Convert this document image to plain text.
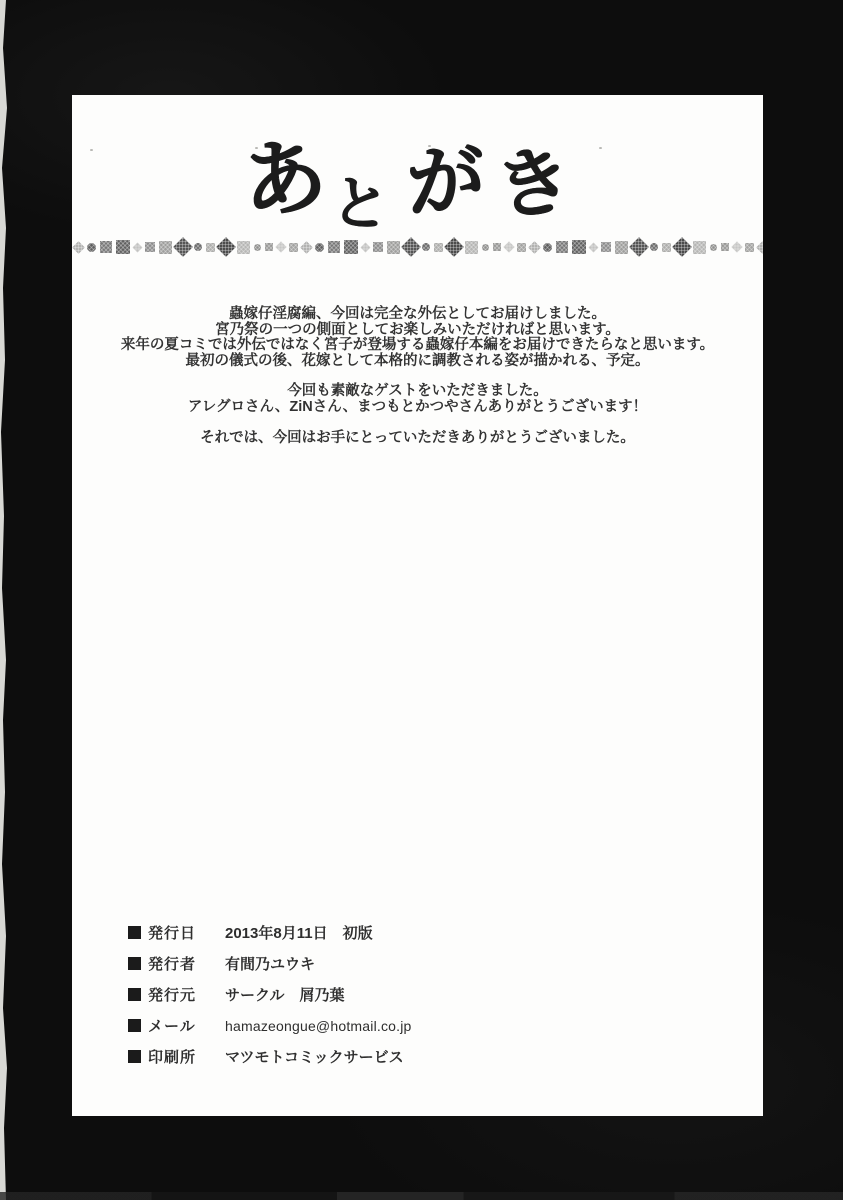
あと がき

蟲嫁仔淫腐編、今回は完全な外伝としてお届けしました。
宮乃祭の一つの側面としてお楽しみいただければと思います。
来年の夏コミでは外伝ではなく宮子が登場する蟲嫁仔本編をお届けできたらなと思います。
最初の儀式の後、花嫁として本格的に調教される姿が描かれる、予定。

今回も素敵なゲストをいただきました。
アレグロさん、ZiNさん、まつもとかつやさんありがとうございます！

それでは、今回はお手にとっていただきありがとうございました。

発行日	2013年8月11日　初版
発行者	有間乃ユウキ
発行元	サークル　屑乃葉
メール	hamazeongue@hotmail.co.jp
印刷所	マツモトコミックサービス
